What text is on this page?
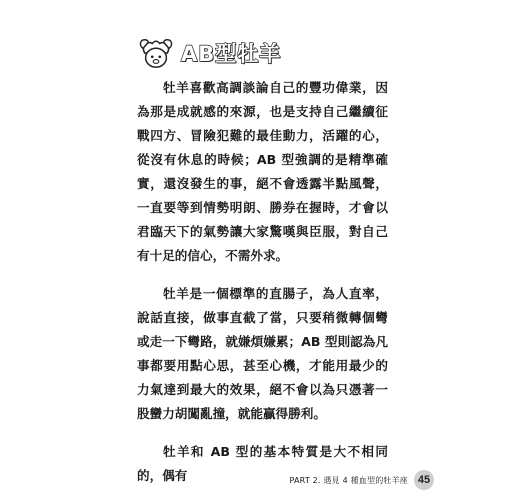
AB型牡羊

牡羊喜歡高調談論自己的豐功偉業，因為那是成就感的來源，也是支持自己繼續征戰四方、冒險犯難的最佳動力，活躍的心，從沒有休息的時候；AB 型強調的是精準確實，還沒發生的事，絕不會透露半點風聲，一直要等到情勢明朗、勝券在握時，才會以君臨天下的氣勢讓大家驚嘆與臣服，對自己有十足的信心，不需外求。

牡羊是一個標準的直腸子，為人直率，說話直接，做事直截了當，只要稍微轉個彎或走一下彎路，就嫌煩嫌累；AB 型則認為凡事都要用點心思，甚至心機，才能用最少的力氣達到最大的效果，絕不會以為只憑著一股蠻力胡闖亂撞，就能贏得勝利。

牡羊和 AB 型的基本特質是大不相同的，偶有	PART 2. 遇見 4 種血型的牡羊座 45
